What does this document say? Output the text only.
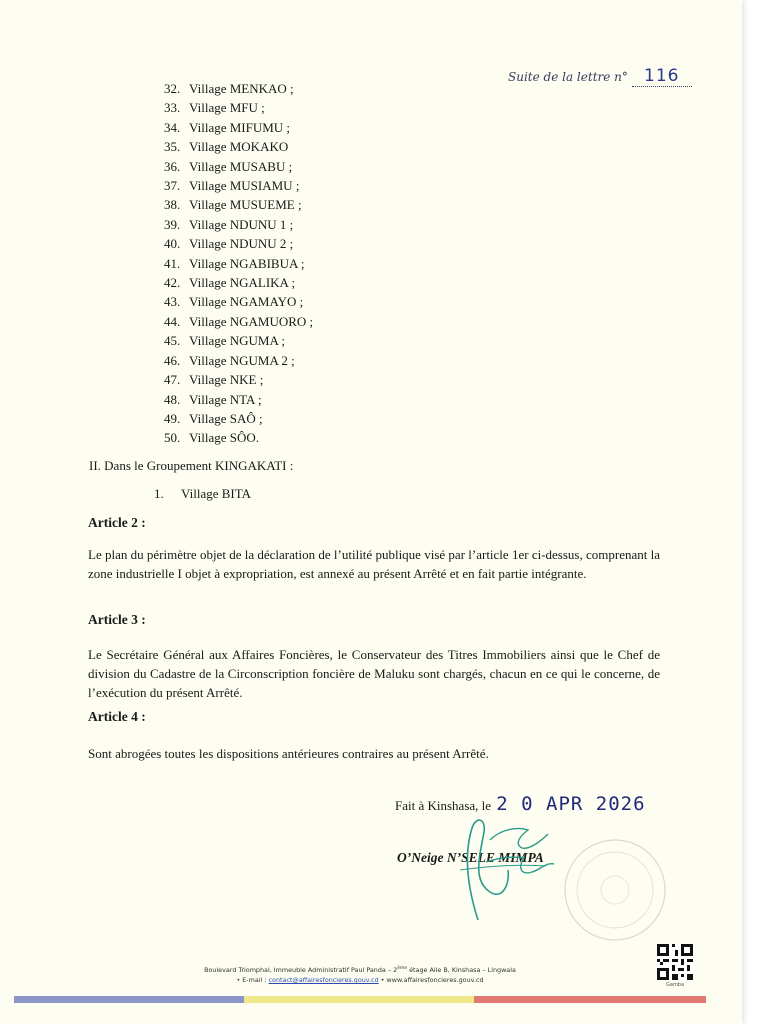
Suite de la lettre n° 116
32. Village MENKAO ;
33. Village MFU ;
34. Village MIFUMU ;
35. Village MOKAKO
36. Village MUSABU ;
37. Village MUSIAMU ;
38. Village MUSUEME ;
39. Village NDUNU 1 ;
40. Village NDUNU 2 ;
41. Village NGABIBUA ;
42. Village NGALIKA ;
43. Village NGAMAYO ;
44. Village NGAMUORO ;
45. Village NGUMA ;
46. Village NGUMA 2 ;
47. Village NKE ;
48. Village NTA ;
49. Village SAÔ ;
50. Village SÔO.
II. Dans le Groupement KINGAKATI :
1. Village BITA
Article 2 :
Le plan du périmètre objet de la déclaration de l’utilité publique visé par l’article 1er ci-dessus, comprenant la zone industrielle I objet à expropriation, est annexé au présent Arrêté et en fait partie intégrante.
Article 3 :
Le Secrétaire Général aux Affaires Foncières, le Conservateur des Titres Immobiliers ainsi que le Chef de division du Cadastre de la Circonscription foncière de Maluku sont chargés, chacun en ce qui le concerne, de l’exécution du présent Arrêté.
Article 4 :
Sont abrogées toutes les dispositions antérieures contraires au présent Arrêté.
Fait à Kinshasa, le 2 0 APR 2026
O’Neige N’SELE MIMPA
Gamba
Boulevard Triomphal, Immeuble Administratif Paul Panda – 2ème étage Aile B, Kinshasa – Lingwala
• E-mail : contact@affairesfoncieres.gouv.cd • www.affairesfoncieres.gouv.cd
